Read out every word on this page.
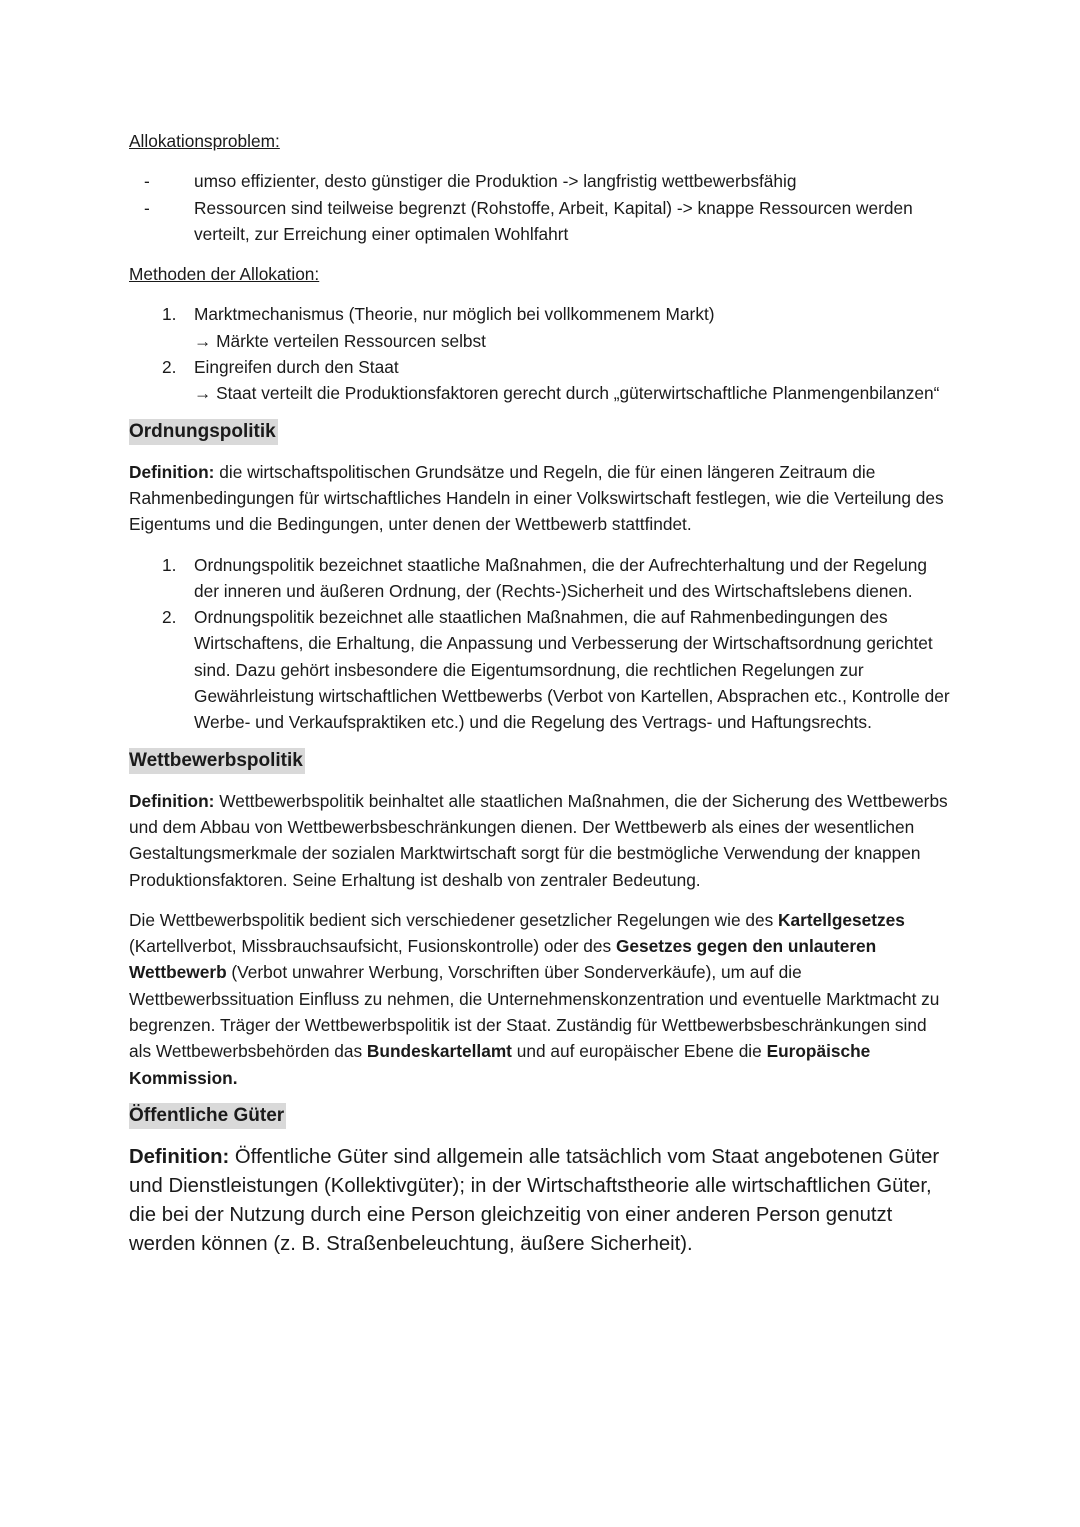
Allokationsproblem:

-	umso effizienter, desto günstiger die Produktion -> langfristig wettbewerbsfähig
-	Ressourcen sind teilweise begrenzt (Rohstoffe, Arbeit, Kapital) -> knappe Ressourcen werden verteilt, zur Erreichung einer optimalen Wohlfahrt

Methoden der Allokation:

1. Marktmechanismus (Theorie, nur möglich bei vollkommenem Markt)
→ Märkte verteilen Ressourcen selbst
2. Eingreifen durch den Staat
→ Staat verteilt die Produktionsfaktoren gerecht durch „güterwirtschaftliche Planmengenbilanzen“
Ordnungspolitik

Definition: die wirtschaftspolitischen Grundsätze und Regeln, die für einen längeren Zeitraum die Rahmenbedingungen für wirtschaftliches Handeln in einer Volkswirtschaft festlegen, wie die Verteilung des Eigentums und die Bedingungen, unter denen der Wettbewerb stattfindet.

1. Ordnungspolitik bezeichnet staatliche Maßnahmen, die der Aufrechterhaltung und der Regelung der inneren und äußeren Ordnung, der (Rechts-)Sicherheit und des Wirtschaftslebens dienen.
2. Ordnungspolitik bezeichnet alle staatlichen Maßnahmen, die auf Rahmenbedingungen des Wirtschaftens, die Erhaltung, die Anpassung und Verbesserung der Wirtschaftsordnung gerichtet sind. Dazu gehört insbesondere die Eigentumsordnung, die rechtlichen Regelungen zur Gewährleistung wirtschaftlichen Wettbewerbs (Verbot von Kartellen, Absprachen etc., Kontrolle der Werbe- und Verkaufspraktiken etc.) und die Regelung des Vertrags- und Haftungsrechts.
Wettbewerbspolitik

Definition: Wettbewerbspolitik beinhaltet alle staatlichen Maßnahmen, die der Sicherung des Wettbewerbs und dem Abbau von Wettbewerbsbeschränkungen dienen. Der Wettbewerb als eines der wesentlichen Gestaltungsmerkmale der sozialen Marktwirtschaft sorgt für die bestmögliche Verwendung der knappen Produktionsfaktoren. Seine Erhaltung ist deshalb von zentraler Bedeutung.

Die Wettbewerbspolitik bedient sich verschiedener gesetzlicher Regelungen wie des Kartellgesetzes (Kartellverbot, Missbrauchsaufsicht, Fusionskontrolle) oder des Gesetzes gegen den unlauteren Wettbewerb (Verbot unwahrer Werbung, Vorschriften über Sonderverkäufe), um auf die Wettbewerbssituation Einfluss zu nehmen, die Unternehmenskonzentration und eventuelle Marktmacht zu begrenzen. Träger der Wettbewerbspolitik ist der Staat. Zuständig für Wettbewerbsbeschränkungen sind als Wettbewerbsbehörden das Bundeskartellamt und auf europäischer Ebene die Europäische Kommission.

Öffentliche Güter

Definition: Öffentliche Güter sind allgemein alle tatsächlich vom Staat angebotenen Güter und Dienstleistungen (Kollektivgüter); in der Wirtschaftstheorie alle wirtschaftlichen Güter, die bei der Nutzung durch eine Person gleichzeitig von einer anderen Person genutzt werden können (z. B. Straßenbeleuchtung, äußere Sicherheit).
